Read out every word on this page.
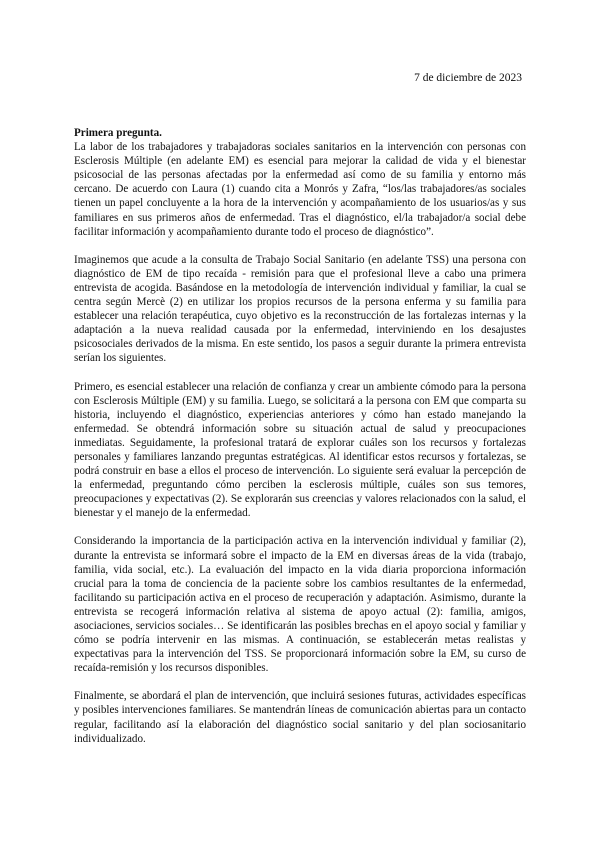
7 de diciembre de 2023

Primera pregunta.

La labor de los trabajadores y trabajadoras sociales sanitarios en la intervención con personas con Esclerosis Múltiple (en adelante EM) es esencial para mejorar la calidad de vida y el bienestar psicosocial de las personas afectadas por la enfermedad así como de su familia y entorno más cercano. De acuerdo con Laura (1) cuando cita a Monrós y Zafra, “los/las trabajadores/as sociales tienen un papel concluyente a la hora de la intervención y acompañamiento de los usuarios/as y sus familiares en sus primeros años de enfermedad. Tras el diagnóstico, el/la trabajador/a social debe facilitar información y acompañamiento durante todo el proceso de diagnóstico”.

Imaginemos que acude a la consulta de Trabajo Social Sanitario (en adelante TSS) una persona con diagnóstico de EM de tipo recaída - remisión para que el profesional lleve a cabo una primera entrevista de acogida. Basándose en la metodología de intervención individual y familiar, la cual se centra según Mercè (2) en utilizar los propios recursos de la persona enferma y su familia para establecer una relación terapéutica, cuyo objetivo es la reconstrucción de las fortalezas internas y la adaptación a la nueva realidad causada por la enfermedad, interviniendo en los desajustes psicosociales derivados de la misma. En este sentido, los pasos a seguir durante la primera entrevista serían los siguientes.

Primero, es esencial establecer una relación de confianza y crear un ambiente cómodo para la persona con Esclerosis Múltiple (EM) y su familia. Luego, se solicitará a la persona con EM que comparta su historia, incluyendo el diagnóstico, experiencias anteriores y cómo han estado manejando la enfermedad. Se obtendrá información sobre su situación actual de salud y preocupaciones inmediatas. Seguidamente, la profesional tratará de explorar cuáles son los recursos y fortalezas personales y familiares lanzando preguntas estratégicas. Al identificar estos recursos y fortalezas, se podrá construir en base a ellos el proceso de intervención. Lo siguiente será evaluar la percepción de la enfermedad, preguntando cómo perciben la esclerosis múltiple, cuáles son sus temores, preocupaciones y expectativas (2). Se explorarán sus creencias y valores relacionados con la salud, el bienestar y el manejo de la enfermedad.

Considerando la importancia de la participación activa en la intervención individual y familiar (2), durante la entrevista se informará sobre el impacto de la EM en diversas áreas de la vida (trabajo, familia, vida social, etc.). La evaluación del impacto en la vida diaria proporciona información crucial para la toma de conciencia de la paciente sobre los cambios resultantes de la enfermedad, facilitando su participación activa en el proceso de recuperación y adaptación. Asimismo, durante la entrevista se recogerá información relativa al sistema de apoyo actual (2): familia, amigos, asociaciones, servicios sociales… Se identificarán las posibles brechas en el apoyo social y familiar y cómo se podría intervenir en las mismas. A continuación, se establecerán metas realistas y expectativas para la intervención del TSS. Se proporcionará información sobre la EM, su curso de recaída-remisión y los recursos disponibles.

Finalmente, se abordará el plan de intervención, que incluirá sesiones futuras, actividades específicas y posibles intervenciones familiares. Se mantendrán líneas de comunicación abiertas para un contacto regular, facilitando así la elaboración del diagnóstico social sanitario y del plan sociosanitario individualizado.
